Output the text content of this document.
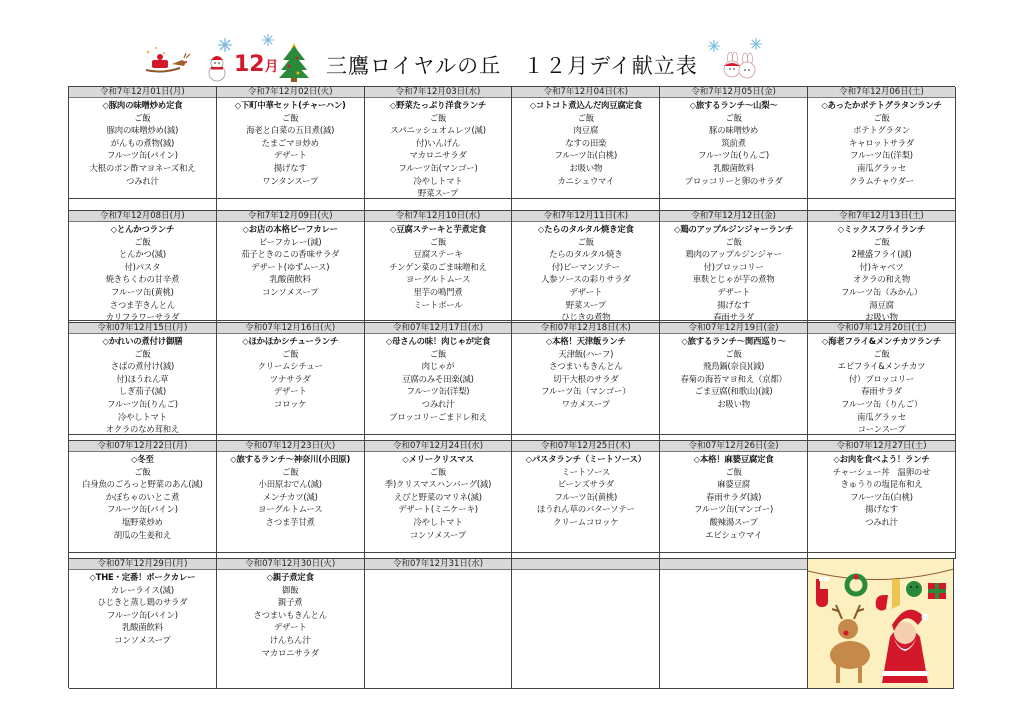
12月 三鷹ロイヤルの丘　１２月デイ献立表
令和7年12月01日(月)
◇豚肉の味噌炒め定食
ご飯
豚肉の味噌炒め(減)
がんもの煮物(減)
フルーツ缶(パイン)
大根のポン酢マヨネーズ和え
つみれ汁
令和7年12月02日(火)
◇下町中華セット(チャーハン)
ご飯
海老と白菜の五目煮(減)
たまごマヨ炒め
デザート
揚げなす
ワンタンスープ
令和7年12月03日(水)
◇野菜たっぷり洋食ランチ
ご飯
スパニッシュオムレツ(減)
付)いんげん
マカロニサラダ
フルーツ缶(マンゴー)
冷やしトマト
野菜スープ
令和7年12月04日(木)
◇コトコト煮込んだ肉豆腐定食
ご飯
肉豆腐
なすの田楽
フルーツ缶(白桃)
お吸い物
カニシュウマイ
令和7年12月05日(金)
◇旅するランチ～山梨～
ご飯
豚の味噌炒め
筑前煮
フルーツ缶(りんご)
乳酸菌飲料
ブロッコリーと卵のサラダ
令和7年12月06日(土)
◇あったかポテトグラタンランチ
ご飯
ポテトグラタン
キャロットサラダ
フルーツ缶(洋梨)
南瓜グラッセ
クラムチャウダー
令和7年12月08日(月)
◇とんかつランチ
ご飯
とんかつ(減)
付)パスタ
焼きちくわの甘辛煮
フルーツ缶(黄桃)
さつま芋きんとん
カリフラワーサラダ
令和7年12月09日(火)
◇お店の本格ビーフカレー
ビーフカレー(減)
茄子ときのこの香味サラダ
デザート(ゆずムース)
乳酸菌飲料
コンソメスープ
令和7年12月10日(水)
◇豆腐ステーキと芋煮定食
ご飯
豆腐ステーキ
チンゲン菜のごま味噌和え
ヨーグルトムース
里芋の鳴門煮
ミートボール
令和7年12月11日(木)
◇たらのタルタル焼き定食
ご飯
たらのタルタル焼き
付)ピーマンソテー
人参ソースの彩りサラダ
デザート
野菜スープ
ひじきの煮物
令和7年12月12日(金)
◇鶏のアップルジンジャーランチ
ご飯
鶏肉のアップルジンジャー
付)ブロッコリー
車麩とじゃが芋の煮物
デザート
揚げなす
春雨サラダ
令和7年12月13日(土)
◇ミックスフライランチ
ご飯
2種盛フライ(減)
付)キャベツ
オクラの和え物
フルーツ缶（みかん）
湯豆腐
お吸い物
令和07年12月15日(月)
◇かれいの煮付け御膳
ご飯
さばの煮付け(減)
付)ほうれん草
しぎ茄子(減)
フルーツ缶(りんご)
冷やしトマト
オクラのなめ茸和え
令和07年12月16日(火)
◇ほかほかシチューランチ
ご飯
クリームシチュー
ツナサラダ
デザート
コロッケ
令和07年12月17日(水)
◇母さんの味！肉じゃが定食
ご飯
肉じゃが
豆腐のみそ田楽(減)
フルーツ缶(洋梨)
つみれ汁
ブロッコリーごまドレ和え
令和07年12月18日(木)
◇本格！天津飯ランチ
天津飯(ハーフ)
さつまいもきんとん
切干大根のサラダ
フルーツ缶（マンゴー）
ワカメスープ
令和07年12月19日(金)
◇旅するランチ～関西巡り～
ご飯
飛鳥鍋(奈良)(減)
春菊の海苔マヨ和え（京都）
ごま豆腐(和歌山)(減)
お吸い物
令和07年12月20日(土)
◇海老フライ&メンチカツランチ
ご飯
エビフライ&メンチカツ
付）ブロッコリー
春雨サラダ
フルーツ缶（りんご）
南瓜グラッセ
コーンスープ
令和07年12月22日(月)
◇冬至
ご飯
白身魚のごろっと野菜のあん(減)
かぼちゃのいとこ煮
フルーツ缶(パイン)
塩野菜炒め
胡瓜の生姜和え
令和07年12月23日(火)
◇旅するランチ～神奈川(小田原)
ご飯
小田原おでん(減)
メンチカツ(減)
ヨーグルトムース
さつま芋甘煮
令和07年12月24日(水)
◇メリークリスマス
ご飯
季)クリスマスハンバーグ(減)
えびと野菜のマリネ(減)
デザート(ミニケーキ)
冷やしトマト
コンソメスープ
令和07年12月25日(木)
◇パスタランチ（ミートソース）
ミートソース
ビーンズサラダ
フルーツ缶(黄桃)
ほうれん草のバターソテー
クリームコロッケ
令和07年12月26日(金)
◇本格！麻婆豆腐定食
ご飯
麻婆豆腐
春雨サラダ(減)
フルーツ缶(マンゴー)
酸辣湯スープ
エビシュウマイ
令和07年12月27日(土)
◇お肉を食べよう！ランチ
チャーシュー丼　温卵のせ
きゅうりの塩昆布和え
フルーツ缶(白桃)
揚げなす
つみれ汁
令和07年12月29日(月)
◇THE・定番！ポークカレー
カレーライス(減)
ひじきと蒸し鶏のサラダ
フルーツ缶(パイン)
乳酸菌飲料
コンソメスープ
令和07年12月30日(火)
◇親子煮定食
御飯
親子煮
さつまいもきんとん
デザート
けんちん汁
マカロニサラダ
令和07年12月31日(水)
